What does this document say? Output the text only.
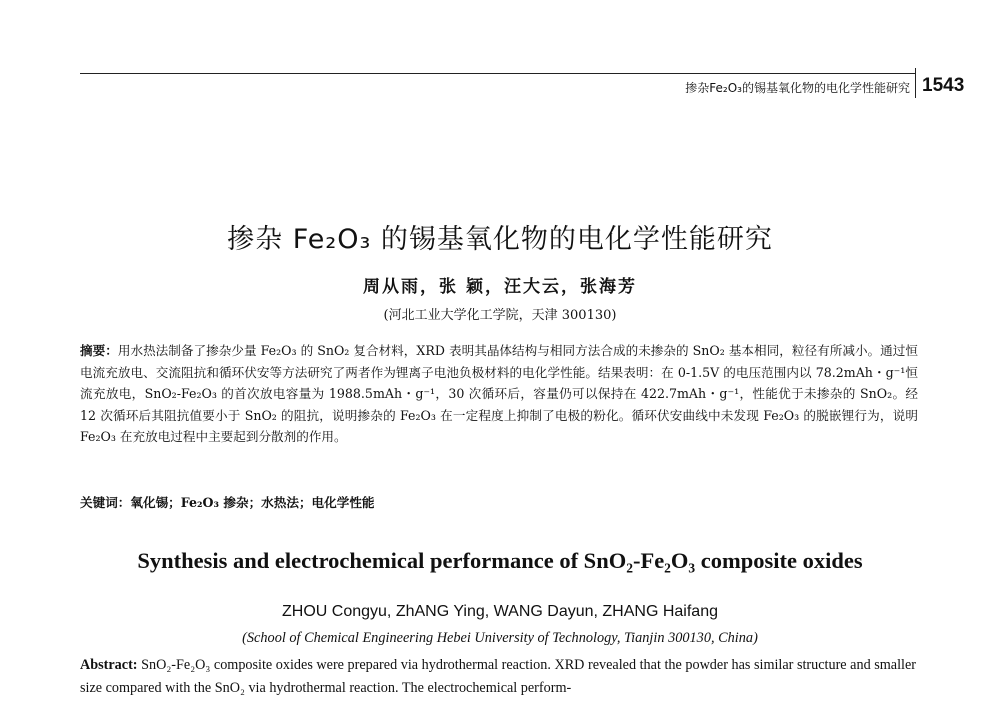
掺杂Fe₂O₃的锡基氧化物的电化学性能研究 1543
掺杂 Fe₂O₃ 的锡基氧化物的电化学性能研究
周从雨，张 颖，汪大云，张海芳
(河北工业大学化工学院，天津 300130)
摘要：用水热法制备了掺杂少量 Fe₂O₃ 的 SnO₂ 复合材料，XRD 表明其晶体结构与相同方法合成的未掺杂的 SnO₂ 基本相同，粒径有所减小。通过恒电流充放电、交流阻抗和循环伏安等方法研究了两者作为锂离子电池负极材料的电化学性能。结果表明：在 0-1.5V 的电压范围内以 78.2mAh・g⁻¹恒流充放电，SnO₂-Fe₂O₃ 的首次放电容量为 1988.5mAh・g⁻¹，30 次循环后，容量仍可以保持在 422.7mAh・g⁻¹，性能优于未掺杂的 SnO₂。经 12 次循环后其阻抗值要小于 SnO₂ 的阻抗，说明掺杂的 Fe₂O₃ 在一定程度上抑制了电极的粉化。循环伏安曲线中未发现 Fe₂O₃ 的脱嵌锂行为，说明 Fe₂O₃ 在充放电过程中主要起到分散剂的作用。
关键词：氧化锡；Fe₂O₃ 掺杂；水热法；电化学性能
Synthesis and electrochemical performance of SnO₂-Fe₂O₃ composite oxides
ZHOU Congyu, ZhANG Ying, WANG Dayun, ZHANG Haifang
(School of Chemical Engineering Hebei University of Technology, Tianjin 300130, China)
Abstract: SnO₂-Fe₂O₃ composite oxides were prepared via hydrothermal reaction. XRD revealed that the powder has similar structure and smaller size compared with the SnO₂ via hydrothermal reaction. The electrochemical perform-
